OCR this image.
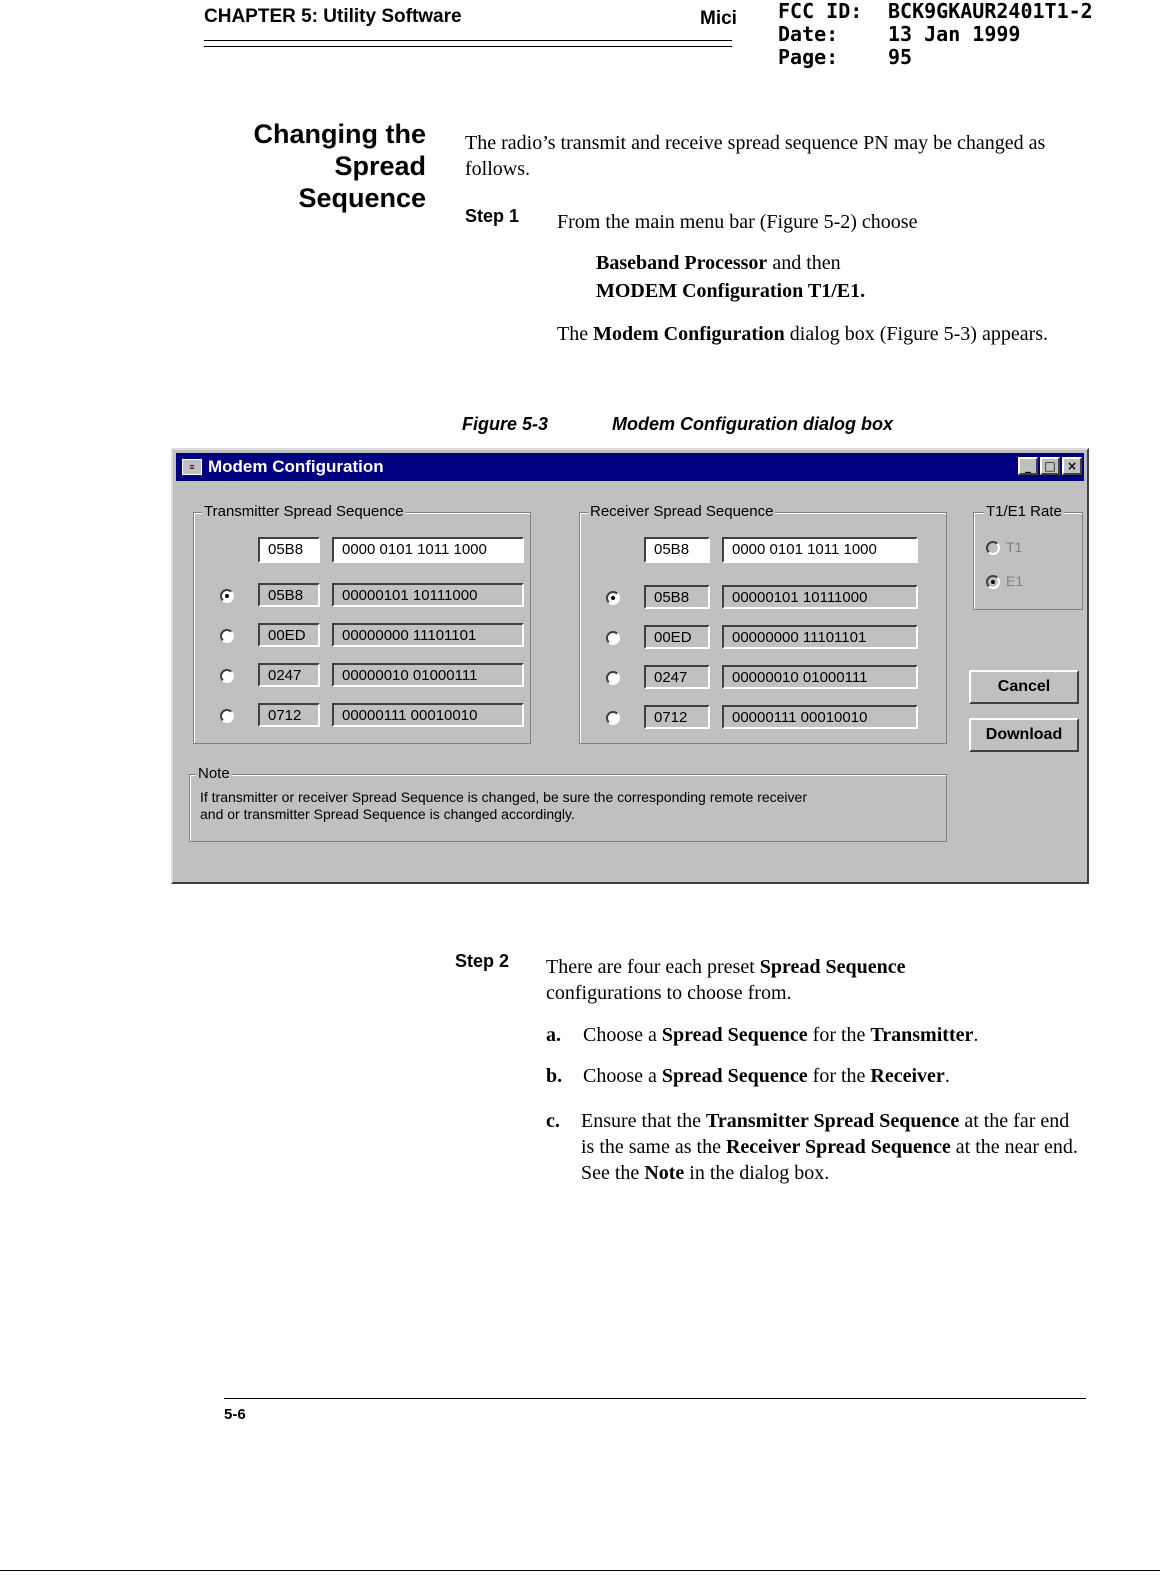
CHAPTER 5: Utility Software	Mici FCC ID:	BCK9GKAUR2401T1-2
Date:	13 Jan 1999
Page:	95
Changing the
Spread
Sequence
The radio’s transmit and receive spread sequence PN may be changed as follows.
Step 1 From the main menu bar (Figure 5-2) choose
Baseband Processor and then
MODEM Configuration T1/E1.
The Modem Configuration dialog box (Figure 5-3) appears.
Figure 5-3	Modem Configuration dialog box
≡ Modem Configuration	_	□ ×
Transmitter Spread Sequence
05B8	0000 0101 1011 1000
05B8	00000101 10111000
00ED	00000000 11101101
0247	00000010 01000111
0712	00000111 00010010
Receiver Spread Sequence
05B8	0000 0101 1011 1000
05B8	00000101 10111000
00ED	00000000 11101101
0247	00000010 01000111
0712	00000111 00010010
T1/E1 Rate
T1
E1
Cancel
Download
Note
If transmitter or receiver Spread Sequence is changed, be sure the corresponding remote receiver
and or transmitter Spread Sequence is changed accordingly.
Step 2 There are four each preset Spread Sequence configurations to choose from.
a. Choose a Spread Sequence for the Transmitter.
b. Choose a Spread Sequence for the Receiver.
c. Ensure that the Transmitter Spread Sequence at the far end is the same as the Receiver Spread Sequence at the near end. See the Note in the dialog box.
5-6
